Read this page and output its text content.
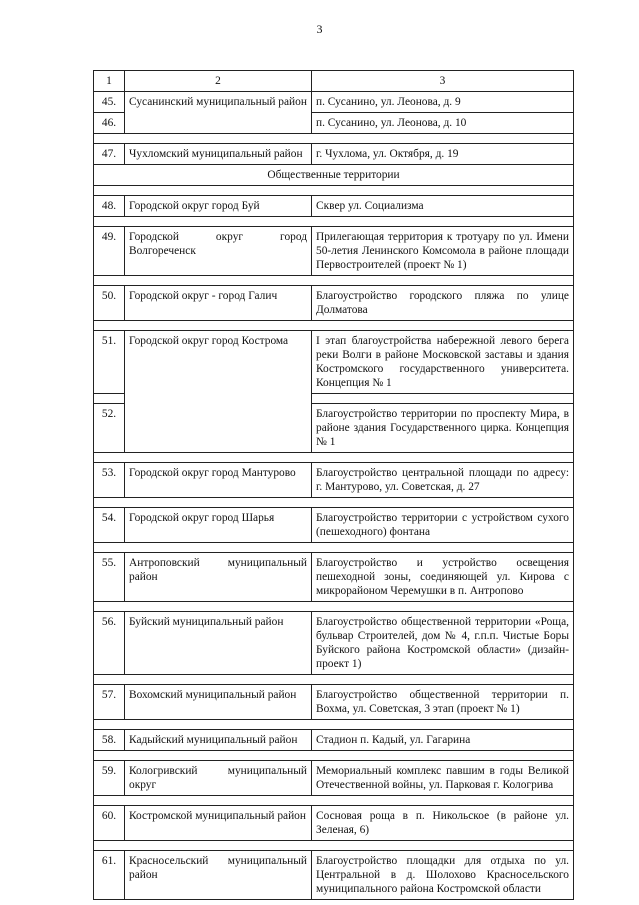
3
1	2	3
45.	Сусанинский муниципальный район	п. Сусанино, ул. Леонова, д. 9
46.		п. Сусанино, ул. Леонова, д. 10

47.	Чухломский муниципальный район	г. Чухлома, ул. Октября, д. 19
Общественные территории		

48.	Городской округ город Буй	Сквер ул. Социализма

49.	Городской округ город Волгореченск	Прилегающая территория к тротуару по ул. Имени 50-летия Ленинского Комсомола в районе площади Первостроителей (проект № 1)

50.	Городской округ - город Галич	Благоустройство городского пляжа по улице Долматова

51.	Городской округ город Кострома	I этап благоустройства набережной левого берега реки Волги в районе Московской заставы и здания Костромского государственного университета. Концепция № 1

52.		Благоустройство территории по проспекту Мира, в районе здания Государственного цирка. Концепция № 1

53.	Городской округ город Мантурово	Благоустройство центральной площади по адресу: г. Мантурово, ул. Советская, д. 27

54.	Городской округ город Шарья	Благоустройство территории с устройством сухого (пешеходного) фонтана

55.	Антроповский муниципальный район	Благоустройство и устройство освещения пешеходной зоны, соединяющей ул. Кирова с микрорайоном Черемушки в п. Антропово

56.	Буйский муниципальный район	Благоустройство общественной территории «Роща, бульвар Строителей, дом № 4, г.п.п. Чистые Боры Буйского района Костромской области» (дизайн-проект 1)

57.	Вохомский муниципальный район	Благоустройство общественной территории п. Вохма, ул. Советская, 3 этап (проект № 1)

58.	Кадыйский муниципальный район	Стадион п. Кадый, ул. Гагарина

59.	Кологривский муниципальный округ	Мемориальный комплекс павшим в годы Великой Отечественной войны, ул. Парковая г. Кологрива

60.	Костромской муниципальный район	Сосновая роща в п. Никольское (в районе ул. Зеленая, 6)

61.	Красносельский муниципальный район	Благоустройство площадки для отдыха по ул. Центральной в д. Шолохово Красносельского муниципального района Костромской области
